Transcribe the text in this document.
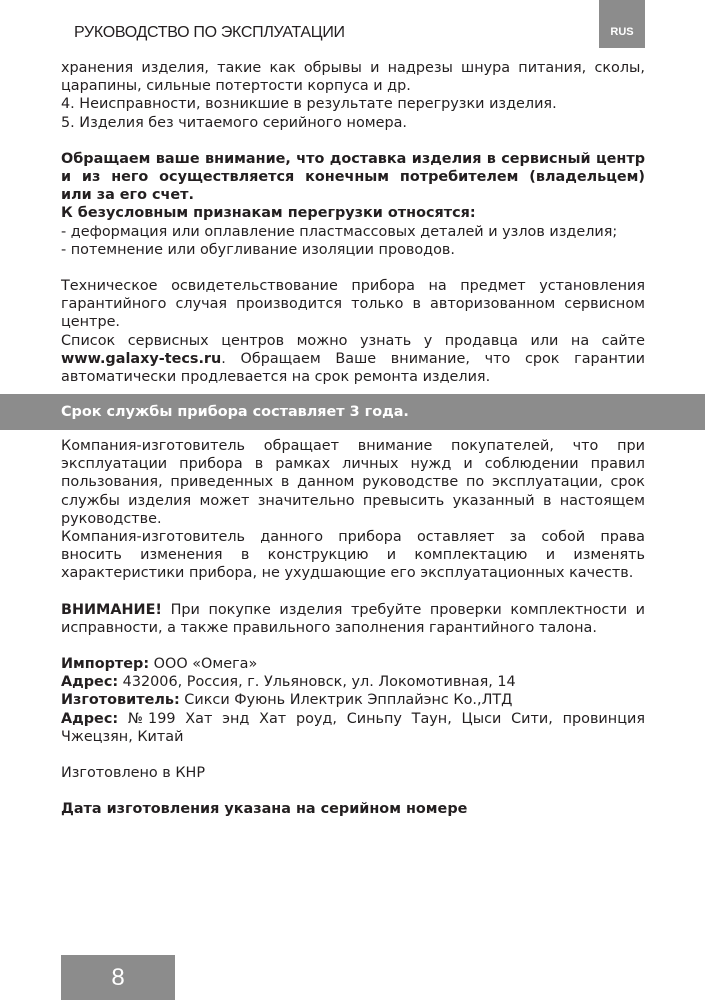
РУКОВОДСТВО ПО ЭКСПЛУАТАЦИИ	RUS

хранения изделия, такие как обрывы и надрезы шнура питания, сколы, царапины, сильные потертости корпуса и др.

4. Неисправности, возникшие в результате перегрузки изделия.

5. Изделия без читаемого серийного номера.

Обращаем ваше внимание, что доставка изделия в сервисный центр и из него осуществляется конечным потребителем (владельцем) или за его счет.

К безусловным признакам перегрузки относятся:

- деформация или оплавление пластмассовых деталей и узлов изделия;

- потемнение или обугливание изоляции проводов.

Техническое освидетельствование прибора на предмет установления гарантийного случая производится только в авторизованном сервисном центре.

Список сервисных центров можно узнать у продавца или на сайте www.galaxy-tecs.ru. Обращаем Ваше внимание, что срок гарантии автоматически продлевается на срок ремонта изделия.

Срок службы прибора составляет 3 года.

Компания-изготовитель обращает внимание покупателей, что при эксплуатации прибора в рамках личных нужд и соблюдении правил пользования, приведенных в данном руководстве по эксплуатации, срок службы изделия может значительно превысить указанный в настоящем руководстве.

Компания-изготовитель данного прибора оставляет за собой права вносить изменения в конструкцию и комплектацию и изменять характеристики прибора, не ухудшающие его эксплуатационных качеств.

ВНИМАНИЕ! При покупке изделия требуйте проверки комплектности и исправности, а также правильного заполнения гарантийного талона.

Импортер: ООО «Омега»

Адрес: 432006, Россия, г. Ульяновск, ул. Локомотивная, 14

Изготовитель: Сикси Фуюнь Илектрик Эпплайэнс Ко.,ЛТД

Адрес: №199 Хат энд Хат роуд, Синьпу Таун, Цыси Сити, провинция Чжецзян, Китай

Изготовлено в КНР

Дата изготовления указана на серийном номере

8
